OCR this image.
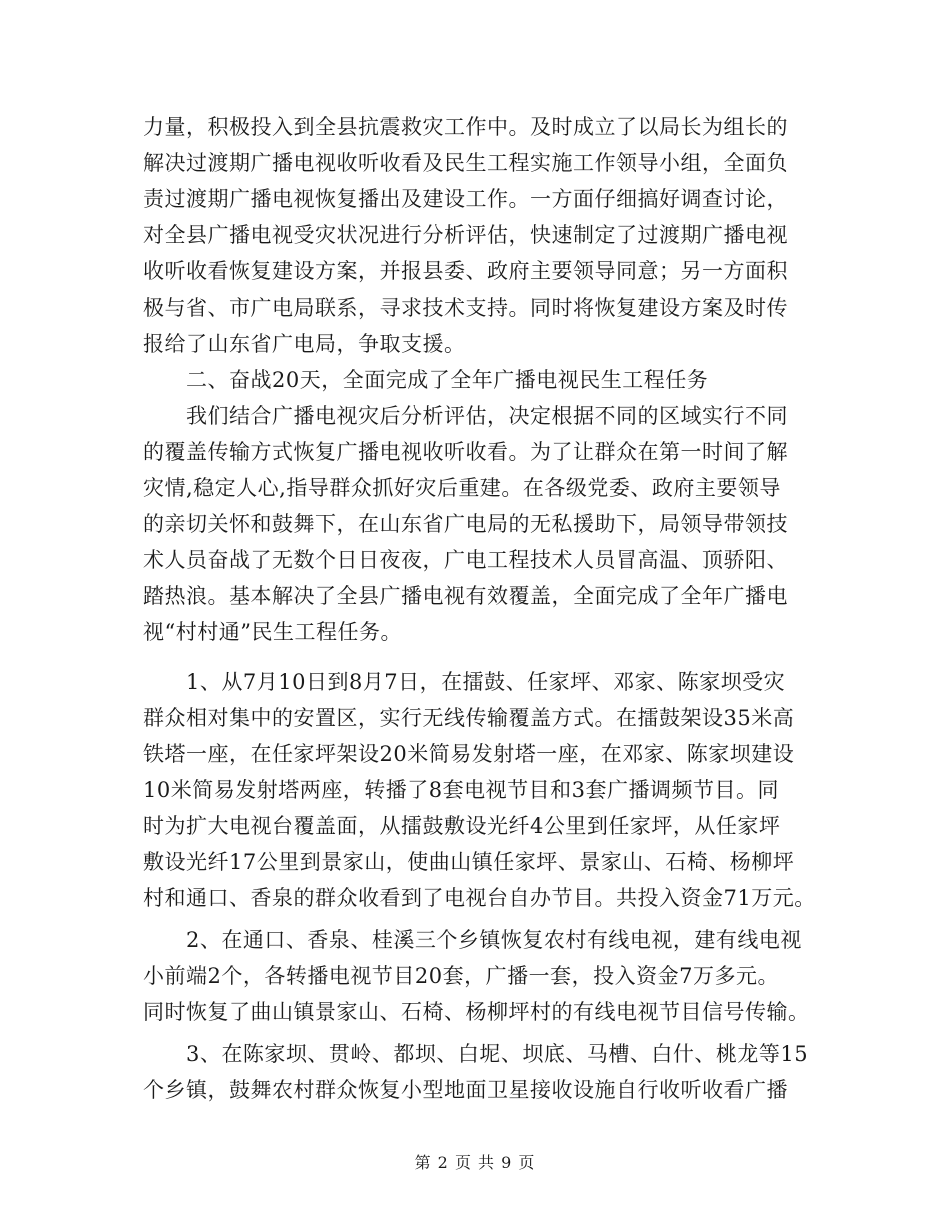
力量，积极投入到全县抗震救灾工作中。及时成立了以局长为组长的
解决过渡期广播电视收听收看及民生工程实施工作领导小组，全面负
责过渡期广播电视恢复播出及建设工作。一方面仔细搞好调查讨论，
对全县广播电视受灾状况进行分析评估，快速制定了过渡期广播电视
收听收看恢复建设方案，并报县委、政府主要领导同意；另一方面积
极与省、市广电局联系，寻求技术支持。同时将恢复建设方案及时传
报给了山东省广电局，争取支援。
二、奋战20天，全面完成了全年广播电视民生工程任务
我们结合广播电视灾后分析评估，决定根据不同的区域实行不同
的覆盖传输方式恢复广播电视收听收看。为了让群众在第一时间了解
灾情,稳定人心,指导群众抓好灾后重建。在各级党委、政府主要领导
的亲切关怀和鼓舞下，在山东省广电局的无私援助下，局领导带领技
术人员奋战了无数个日日夜夜，广电工程技术人员冒高温、顶骄阳、
踏热浪。基本解决了全县广播电视有效覆盖，全面完成了全年广播电
视“村村通”民生工程任务。
1、从7月10日到8月7日，在擂鼓、任家坪、邓家、陈家坝受灾
群众相对集中的安置区，实行无线传输覆盖方式。在擂鼓架设35米高
铁塔一座，在任家坪架设20米简易发射塔一座，在邓家、陈家坝建设
10米简易发射塔两座，转播了8套电视节目和3套广播调频节目。同
时为扩大电视台覆盖面，从擂鼓敷设光纤4公里到任家坪，从任家坪
敷设光纤17公里到景家山，使曲山镇任家坪、景家山、石椅、杨柳坪
村和通口、香泉的群众收看到了电视台自办节目。共投入资金71万元。
2、在通口、香泉、桂溪三个乡镇恢复农村有线电视，建有线电视
小前端2个，各转播电视节目20套，广播一套，投入资金7万多元。
同时恢复了曲山镇景家山、石椅、杨柳坪村的有线电视节目信号传输。
3、在陈家坝、贯岭、都坝、白坭、坝底、马槽、白什、桃龙等15
个乡镇，鼓舞农村群众恢复小型地面卫星接收设施自行收听收看广播
第 2 页 共 9 页
